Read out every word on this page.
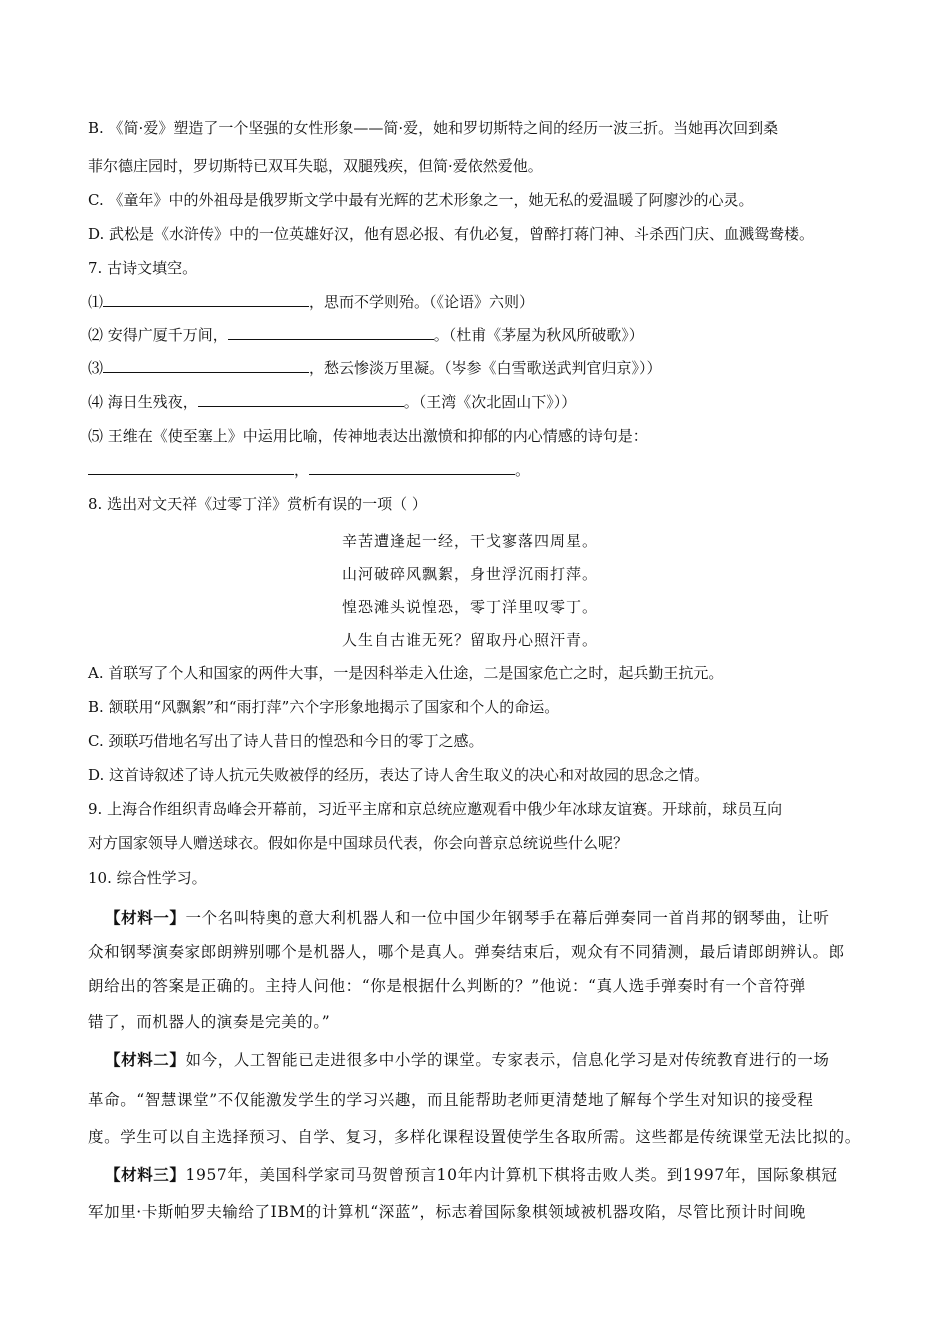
B. 《简·爱》塑造了一个坚强的女性形象——简·爱，她和罗切斯特之间的经历一波三折。当她再次回到桑
菲尔德庄园时，罗切斯特已双耳失聪，双腿残疾，但简·爱依然爱他。
C. 《童年》中的外祖母是俄罗斯文学中最有光辉的艺术形象之一，她无私的爱温暖了阿廖沙的心灵。
D. 武松是《水浒传》中的一位英雄好汉，他有恩必报、有仇必复，曾醉打蒋门神、斗杀西门庆、血溅鸳鸯楼。
7. 古诗文填空。
⑴	，思而不学则殆。（《论语》六则）
⑵ 安得广厦千万间，	。（杜甫《茅屋为秋风所破歌》）
⑶	，愁云惨淡万里凝。（岑参《白雪歌送武判官归京》））
⑷ 海日生残夜，	。（王湾《次北固山下》））
⑸ 王维在《使至塞上》中运用比喻，传神地表达出激愤和抑郁的内心情感的诗句是：
，	。
8. 选出对文天祥《过零丁洋》赏析有误的一项（ ）
辛苦遭逢起一经，干戈寥落四周星。
山河破碎风飘絮，身世浮沉雨打萍。
惶恐滩头说惶恐，零丁洋里叹零丁。
人生自古谁无死？留取丹心照汗青。
A. 首联写了个人和国家的两件大事，一是因科举走入仕途，二是国家危亡之时，起兵勤王抗元。
B. 颔联用“风飘絮”和“雨打萍”六个字形象地揭示了国家和个人的命运。
C. 颈联巧借地名写出了诗人昔日的惶恐和今日的零丁之感。
D. 这首诗叙述了诗人抗元失败被俘的经历，表达了诗人舍生取义的决心和对故园的思念之情。
9. 上海合作组织青岛峰会开幕前，习近平主席和京总统应邀观看中俄少年冰球友谊赛。开球前，球员互向
对方国家领导人赠送球衣。假如你是中国球员代表，你会向普京总统说些什么呢？
10. 综合性学习。
【材料一】一个名叫特奥的意大利机器人和一位中国少年钢琴手在幕后弹奏同一首肖邦的钢琴曲，让听
众和钢琴演奏家郎朗辨别哪个是机器人，哪个是真人。弹奏结束后，观众有不同猜测，最后请郎朗辨认。郎
朗给出的答案是正确的。主持人问他：“你是根据什么判断的？”他说：“真人选手弹奏时有一个音符弹
错了，而机器人的演奏是完美的。”
【材料二】如今，人工智能已走进很多中小学的课堂。专家表示，信息化学习是对传统教育进行的一场
革命。“智慧课堂”不仅能激发学生的学习兴趣，而且能帮助老师更清楚地了解每个学生对知识的接受程
度。学生可以自主选择预习、自学、复习，多样化课程设置使学生各取所需。这些都是传统课堂无法比拟的。
【材料三】1957年，美国科学家司马贺曾预言10年内计算机下棋将击败人类。到1997年，国际象棋冠
军加里·卡斯帕罗夫输给了IBM的计算机“深蓝”，标志着国际象棋领域被机器攻陷，尽管比预计时间晚
